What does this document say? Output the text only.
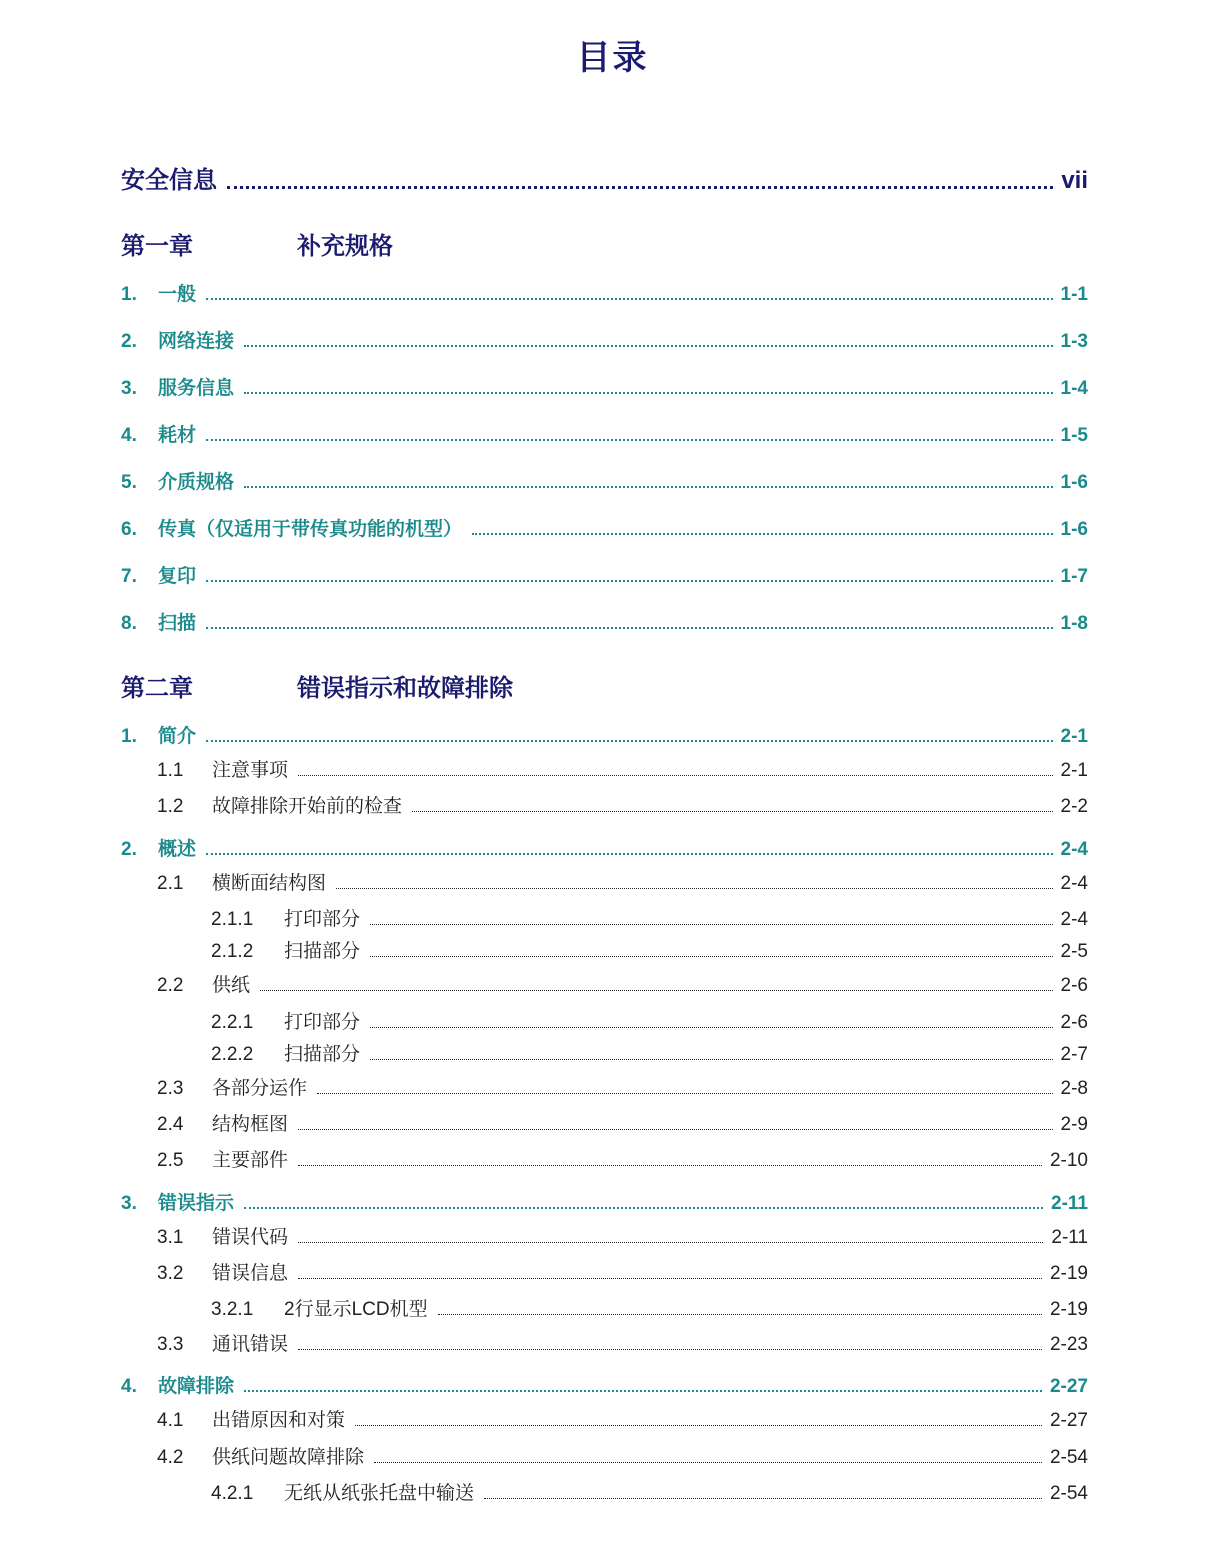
目录
安全信息	vii
第一章	补充规格
1.	一般	1-1
2.	网络连接	1-3
3.	服务信息	1-4
4.	耗材	1-5
5.	介质规格	1-6
6.	传真（仅适用于带传真功能的机型）	1-6
7.	复印	1-7
8.	扫描	1-8
第二章	错误指示和故障排除
1.	简介	2-1
1.1	注意事项	2-1
1.2	故障排除开始前的检查	2-2
2.	概述	2-4
2.1	横断面结构图	2-4
2.1.1	打印部分	2-4
2.1.2	扫描部分	2-5
2.2	供纸	2-6
2.2.1	打印部分	2-6
2.2.2	扫描部分	2-7
2.3	各部分运作	2-8
2.4	结构框图	2-9
2.5	主要部件	2-10
3.	错误指示	2-11
3.1	错误代码	2-11
3.2	错误信息	2-19
3.2.1	2行显示LCD机型	2-19
3.3	通讯错误	2-23
4.	故障排除	2-27
4.1	出错原因和对策	2-27
4.2	供纸问题故障排除	2-54
4.2.1	无纸从纸张托盘中输送	2-54
